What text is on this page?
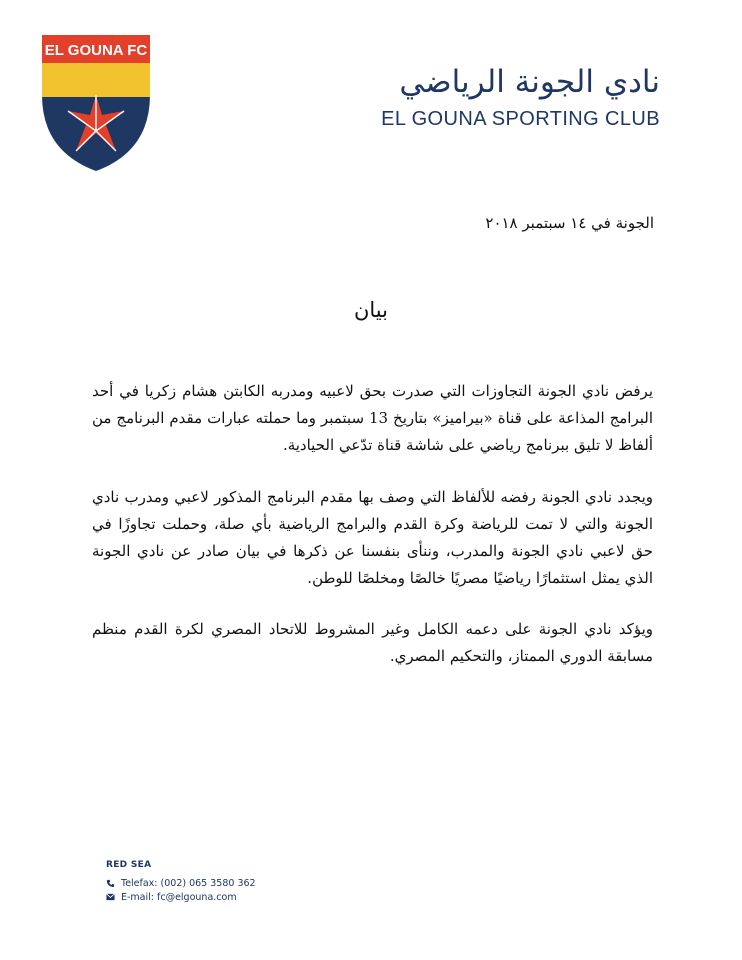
EL GOUNA FC
نادي الجونة الرياضي
EL GOUNA SPORTING CLUB
الجونة في ١٤ سبتمبر ٢٠١٨
بيان
يرفض نادي الجونة التجاوزات التي صدرت بحق لاعبيه ومدربه الكابتن هشام زكريا في أحد البرامج المذاعة على قناة «بيراميز» بتاريخ 13 سبتمبر وما حملته عبارات مقدم البرنامج من ألفاظ لا تليق ببرنامج رياضي على شاشة قناة تدّعي الحيادية.
ويجدد نادي الجونة رفضه للألفاظ التي وصف بها مقدم البرنامج المذكور لاعبي ومدرب نادي الجونة والتي لا تمت للرياضة وكرة القدم والبرامج الرياضية بأي صلة، وحملت تجاوزًا في حق لاعبي نادي الجونة والمدرب، وننأى بنفسنا عن ذكرها في بيان صادر عن نادي الجونة الذي يمثل استثمارًا رياضيًا مصريًا خالصًا ومخلصًا للوطن.
ويؤكد نادي الجونة على دعمه الكامل وغير المشروط للاتحاد المصري لكرة القدم منظم مسابقة الدوري الممتاز، والتحكيم المصري.
RED SEA
Telefax: (002) 065 3580 362
E-mail: fc@elgouna.com
